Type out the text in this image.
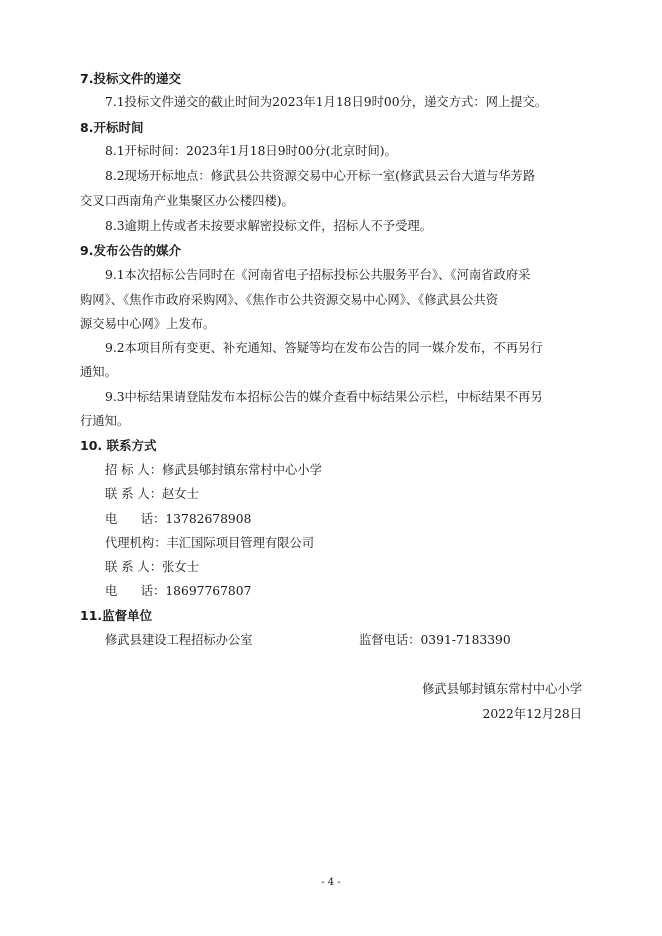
7.投标文件的递交
7.1投标文件递交的截止时间为2023年1月18日9时00分，递交方式：网上提交。
8.开标时间
8.1开标时间：2023年1月18日9时00分(北京时间)。
8.2现场开标地点：修武县公共资源交易中心开标一室(修武县云台大道与华芳路
交叉口西南角产业集聚区办公楼四楼)。
8.3逾期上传或者未按要求解密投标文件，招标人不予受理。
9.发布公告的媒介
9.1本次招标公告同时在《河南省电子招标投标公共服务平台》、《河南省政府采
购网》、《焦作市政府采购网》、《焦作市公共资源交易中心网》、《修武县公共资
源交易中心网》上发布。
9.2本项目所有变更、补充通知、答疑等均在发布公告的同一媒介发布，不再另行
通知。
9.3中标结果请登陆发布本招标公告的媒介查看中标结果公示栏，中标结果不再另
行通知。
10. 联系方式
招 标 人：修武县郇封镇东常村中心小学
联 系 人：赵女士
电      话：13782678908
代理机构：丰汇国际项目管理有限公司
联 系 人：张女士
电      话：18697767807
11.监督单位
修武县建设工程招标办公室	监督电话：0391-7183390
修武县郇封镇东常村中心小学
2022年12月28日
- 4 -
